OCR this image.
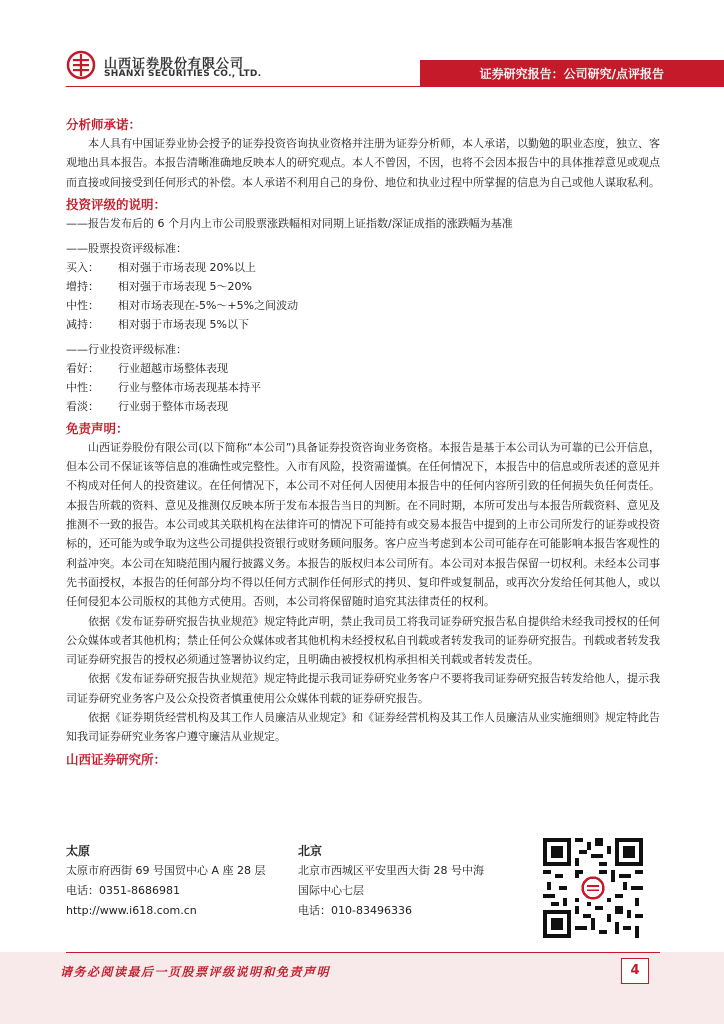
山西证券股份有限公司
SHANXI SECURITIES CO., LTD.	证券研究报告：公司研究/点评报告
分析师承诺：
本人具有中国证券业协会授予的证券投资咨询执业资格并注册为证券分析师，本人承诺，以勤勉的职业态度，独立、客观地出具本报告。本报告清晰准确地反映本人的研究观点。本人不曾因，不因，也将不会因本报告中的具体推荐意见或观点而直接或间接受到任何形式的补偿。本人承诺不利用自己的身份、地位和执业过程中所掌握的信息为自己或他人谋取私利。
投资评级的说明：
——报告发布后的 6 个月内上市公司股票涨跌幅相对同期上证指数/深证成指的涨跌幅为基准
——股票投资评级标准：
买入：	相对强于市场表现 20%以上
增持：	相对强于市场表现 5～20%
中性：	相对市场表现在-5%～+5%之间波动
减持：	相对弱于市场表现 5%以下
——行业投资评级标准：
看好：	行业超越市场整体表现
中性：	行业与整体市场表现基本持平
看淡：	行业弱于整体市场表现
免责声明：
山西证券股份有限公司(以下简称“本公司”)具备证券投资咨询业务资格。本报告是基于本公司认为可靠的已公开信息，但本公司不保证该等信息的准确性或完整性。入市有风险，投资需谨慎。在任何情况下，本报告中的信息或所表述的意见并不构成对任何人的投资建议。在任何情况下，本公司不对任何人因使用本报告中的任何内容所引致的任何损失负任何责任。本报告所载的资料、意见及推测仅反映本所于发布本报告当日的判断。在不同时期，本所可发出与本报告所载资料、意见及推测不一致的报告。本公司或其关联机构在法律许可的情况下可能持有或交易本报告中提到的上市公司所发行的证券或投资标的，还可能为或争取为这些公司提供投资银行或财务顾问服务。客户应当考虑到本公司可能存在可能影响本报告客观性的利益冲突。本公司在知晓范围内履行披露义务。本报告的版权归本公司所有。本公司对本报告保留一切权利。未经本公司事先书面授权，本报告的任何部分均不得以任何方式制作任何形式的拷贝、复印件或复制品，或再次分发给任何其他人，或以任何侵犯本公司版权的其他方式使用。否则，本公司将保留随时追究其法律责任的权利。
依据《发布证券研究报告执业规范》规定特此声明，禁止我司员工将我司证券研究报告私自提供给未经我司授权的任何公众媒体或者其他机构；禁止任何公众媒体或者其他机构未经授权私自刊载或者转发我司的证券研究报告。刊载或者转发我司证券研究报告的授权必须通过签署协议约定，且明确由被授权机构承担相关刊载或者转发责任。
依据《发布证券研究报告执业规范》规定特此提示我司证券研究业务客户不要将我司证券研究报告转发给他人，提示我司证券研究业务客户及公众投资者慎重使用公众媒体刊载的证券研究报告。
依据《证券期货经营机构及其工作人员廉洁从业规定》和《证券经营机构及其工作人员廉洁从业实施细则》规定特此告知我司证券研究业务客户遵守廉洁从业规定。
山西证券研究所：
太原
太原市府西街 69 号国贸中心 A 座 28 层
电话：0351-8686981
http://www.i618.com.cn
北京
北京市西城区平安里西大街 28 号中海
国际中心七层
电话：010-83496336
请务必阅读最后一页股票评级说明和免责声明	4
